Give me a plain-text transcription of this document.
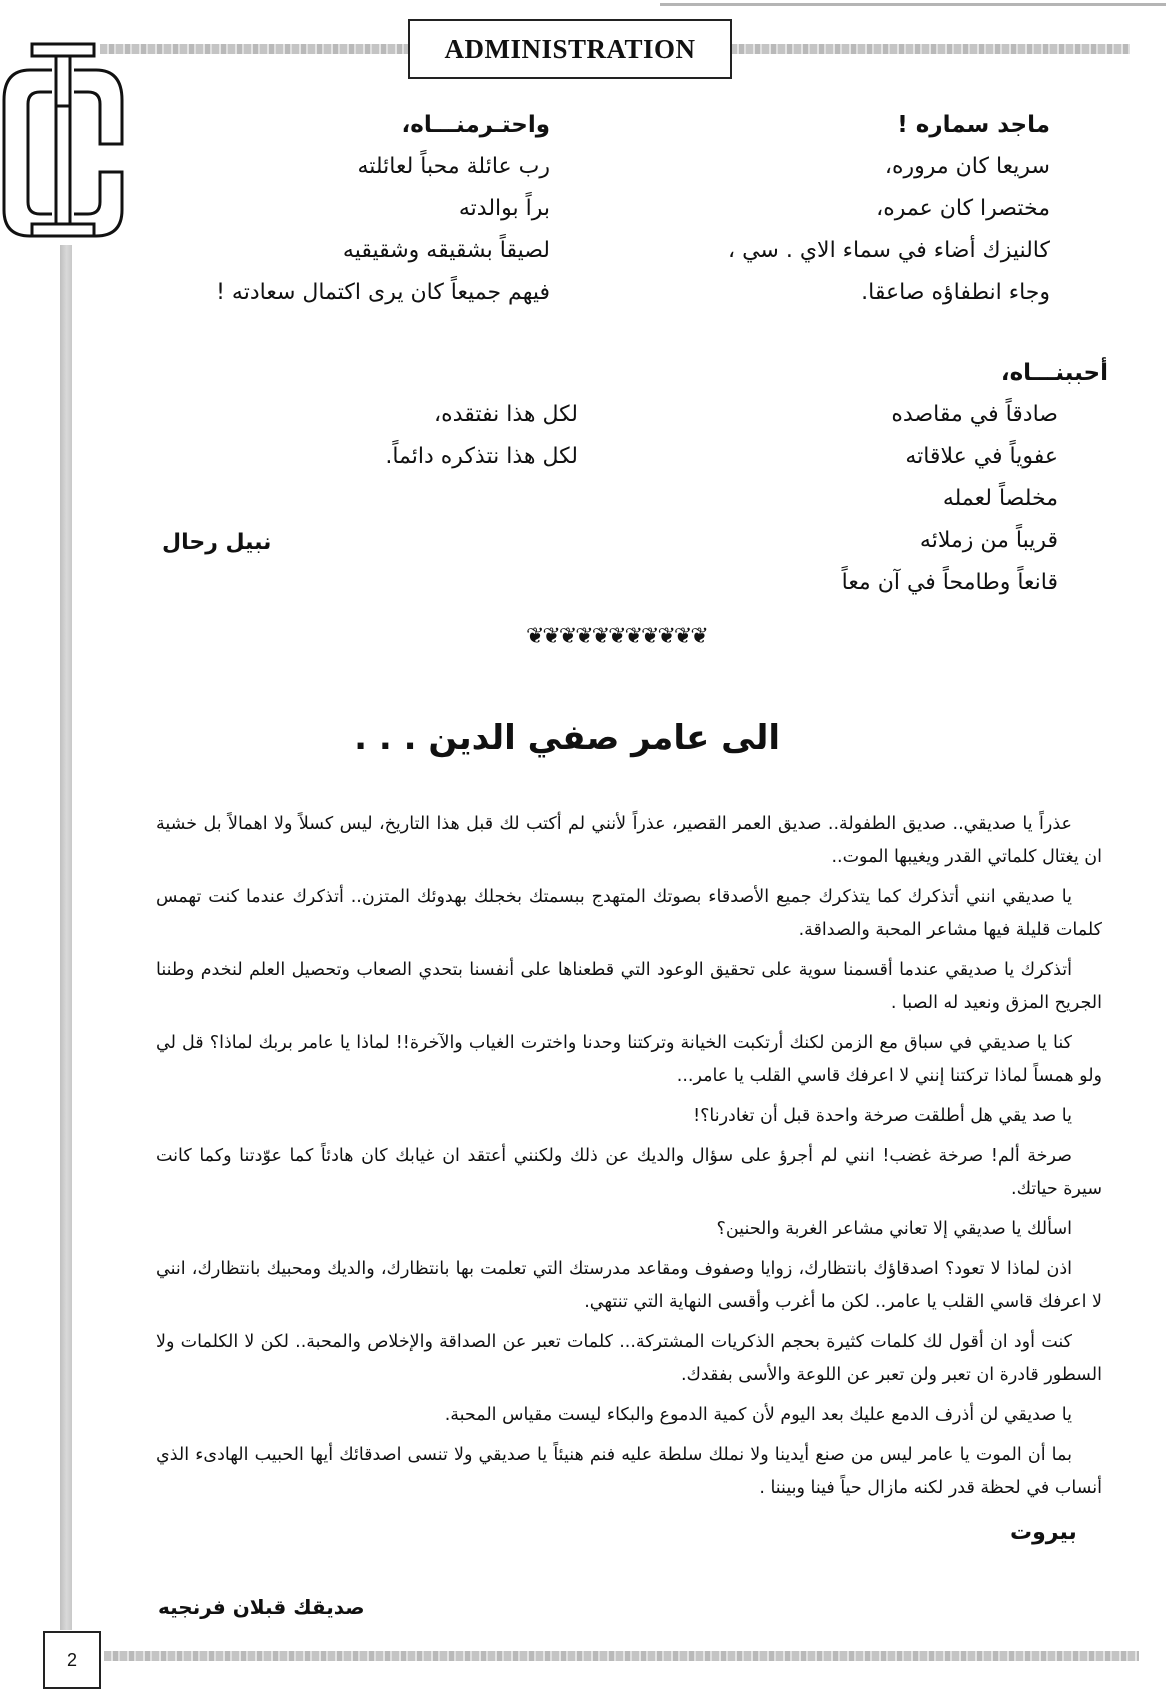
ADMINISTRATION
ماجد سماره !
سريعا كان مروره،
مختصرا كان عمره،
كالنيزك أضاء في سماء الاي . سي ،
وجاء انطفاؤه صاعقا.
واحتـرمنـــاه،
رب عائلة محباً لعائلته
براً بوالدته
لصيقاً بشقيقه وشقيقيه
فيهم جميعاً كان يرى اكتمال سعادته !
أحببنـــاه،
صادقاً في مقاصده
عفوياً في علاقاته
مخلصاً لعمله
قريباً من زملائه
قانعاً وطامحاً في آن معاً
لكل هذا نفتقده،
لكل هذا نتذكره دائماً.
نبيل رحال
❦❦❦❦❦❦❦❦❦❦❦
الى عامر صفي الدين . . .

عذراً يا صديقي.. صديق الطفولة.. صديق العمر القصير، عذراً لأنني لم أكتب لك قبل هذا التاريخ، ليس كسلاً ولا اهمالاً بل خشية ان يغتال كلماتي القدر ويغيبها الموت..

يا صديقي انني أتذكرك كما يتذكرك جميع الأصدقاء بصوتك المتهدج ببسمتك بخجلك بهدوئك المتزن.. أتذكرك عندما كنت تهمس كلمات قليلة فيها مشاعر المحبة والصداقة.

أتذكرك يا صديقي عندما أقسمنا سوية على تحقيق الوعود التي قطعناها على أنفسنا بتحدي الصعاب وتحصيل العلم لنخدم وطننا الجريح المزق ونعيد له الصبا .

كنا يا صديقي في سباق مع الزمن لكنك أرتكبت الخيانة وتركتنا وحدنا واخترت الغياب والآخرة!! لماذا يا عامر بربك لماذا؟ قل لي ولو همساً لماذا تركتنا إنني لا اعرفك قاسي القلب يا عامر...

يا صد يقي هل أطلقت صرخة واحدة قبل أن تغادرنا؟!

صرخة ألم! صرخة غضب! انني لم أجرؤ على سؤال والديك عن ذلك ولكنني أعتقد ان غيابك كان هادئاً كما عوّدتنا وكما كانت سيرة حياتك.

اسألك يا صديقي إلا تعاني مشاعر الغربة والحنين؟

اذن لماذا لا تعود؟ اصدقاؤك بانتظارك، زوايا وصفوف ومقاعد مدرستك التي تعلمت بها بانتظارك، والديك ومحبيك بانتظارك، انني لا اعرفك قاسي القلب يا عامر.. لكن ما أغرب وأقسى النهاية التي تنتهي.

كنت أود ان أقول لك كلمات كثيرة بحجم الذكريات المشتركة... كلمات تعبر عن الصداقة والإخلاص والمحبة.. لكن لا الكلمات ولا السطور قادرة ان تعبر ولن تعبر عن اللوعة والأسى بفقدك.

يا صديقي لن أذرف الدمع عليك بعد اليوم لأن كمية الدموع والبكاء ليست مقياس المحبة.

بما أن الموت يا عامر ليس من صنع أيدينا ولا نملك سلطة عليه فنم هنيئاً يا صديقي ولا تنسى اصدقائك أيها الحبيب الهادىء الذي أنساب في لحظة قدر لكنه مازال حياً فينا وبيننا .

بيروت
صديقك قبلان فرنجيه
2
